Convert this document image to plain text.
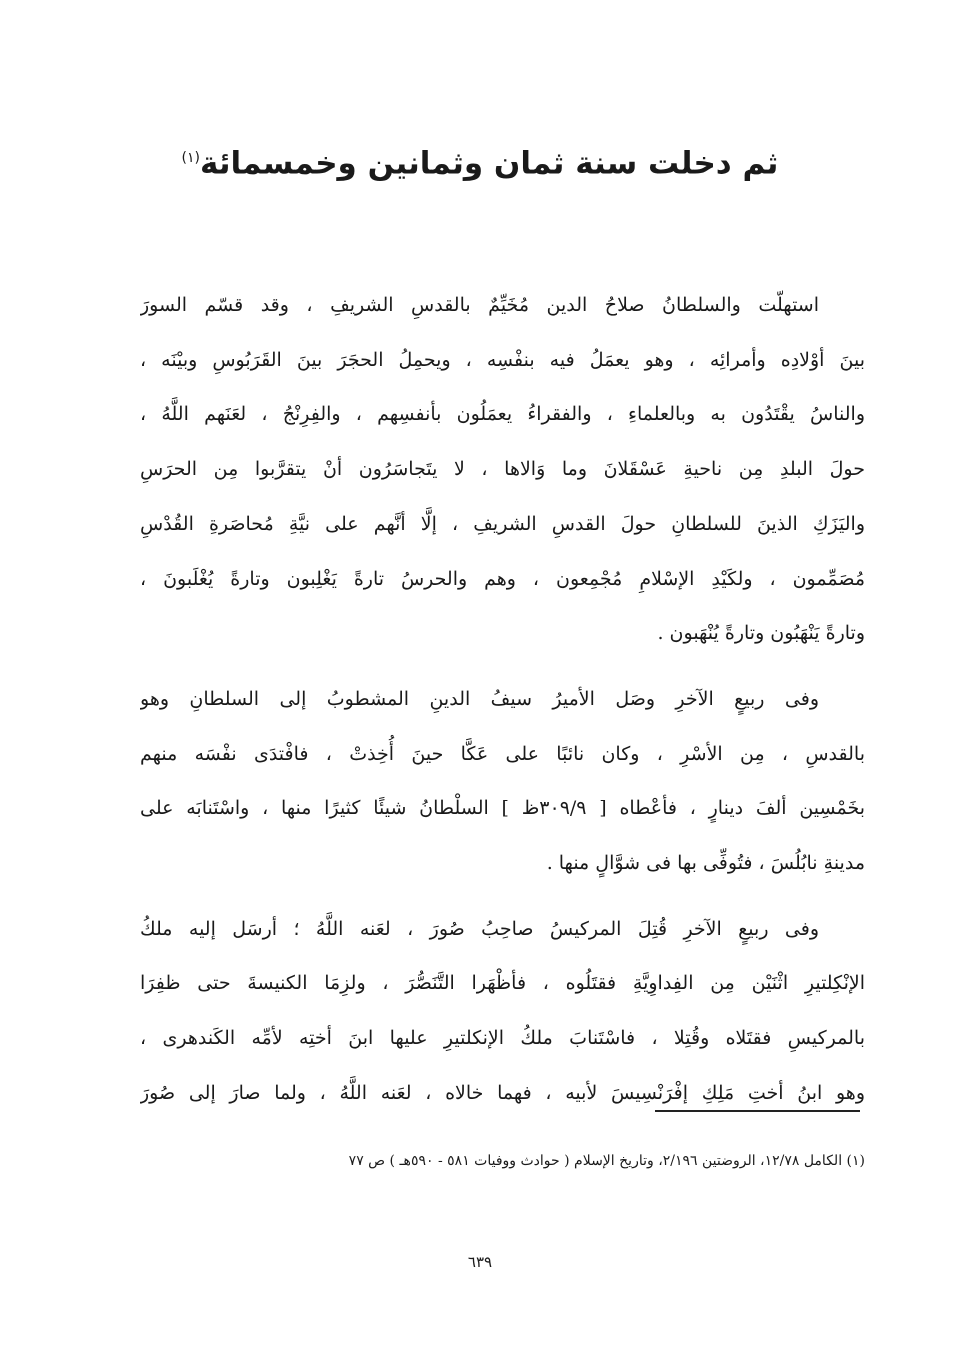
ثم دخلت سنة ثمان وثمانين وخمسمائة$^{(١)}$

استهلّت والسلطانُ صلاحُ الدين مُخَيِّمٌ بالقدسِ الشريفِ ، وقد قسّم السورَ
بينَ أوْلادِه وأمرائِه ، وهو يعمَلُ فيه بنفْسِه ، ويحمِلُ الحجَرَ بينَ القَرَبُوسِ وبيْنَه ،
والناسُ يقْتَدُون به وبالعلماءِ ، والفقراءُ يعمَلُون بأنفسِهم ، والفِرِنْجُ ، لعَنَهم اللَّهُ ،
حولَ البلدِ مِن ناحيةِ عَسْقَلانَ وما وَالاها ، لا يتَجاسَرُون أنْ يتقرَّبوا مِن الحرَسِ
واليَزَكِ الذينَ للسلطانِ حولَ القدسِ الشريفِ ، إلَّا أنَّهم على نيَّةِ مُحاصَرةِ القُدْسِ
مُصَمِّمون ، ولكَيْدِ الإسْلامِ مُجْمِعون ، وهم والحرسُ تارةً يَغْلِبون وتارةً يُغْلَبونَ ،
وتارةً يَنْهَبُون وتارةً يُنْهَبون .

وفى ربيعٍ الآخرِ وصَل الأميرُ سيفُ الدينِ المشطوبُ إلى السلطانِ وهو
بالقدسِ ، مِن الأسْرِ ، وكان نائبًا على عَكَّا حينَ أُخِذتْ ، فافْتدَى نفْسَه منهم
بخَمْسِين ألفَ دينارٍ ، فأعْطاه [ ٣٠٩/٩ظ ] السلْطانُ شيئًا كثيرًا منها ، واسْتَنابَه على
مدينةِ نابُلُسَ ، فتُوفِّى بها فى شوَّالٍ منها .

وفى ربيعٍ الآخرِ قُتِلَ المركيسُ صاحِبُ صُورَ ، لعَنه اللَّهُ ؛ أرسَل إليه ملكُ
الإنْكِلتيرِ اثْنَيْن مِن الفِداوِيَّةِ فقتَلُوه ، فأظْهَرا التَّنَصُّرَ ، ولزِمَا الكنيسةَ حتى ظفِرَا
بالمركيسِ فقتَلاه وقُتِلا ، فاسْتَنابَ ملكُ الإنكلتيرِ عليها ابنَ أختِه لأمِّه الكَندهرى ،
وهو ابنُ أختِ مَلِكِ إفْرَنْسِيسَ لأبيه ، فهما خالاه ، لعَنه اللَّهُ ، ولما صارَ إلى صُورَ

(١) الكامل ١٢/٧٨، الروضتين ٢/١٩٦، وتاريخ الإسلام ( حوادث ووفيات ٥٨١ - ٥٩٠هـ ) ص ٧٧
٦٣٩
